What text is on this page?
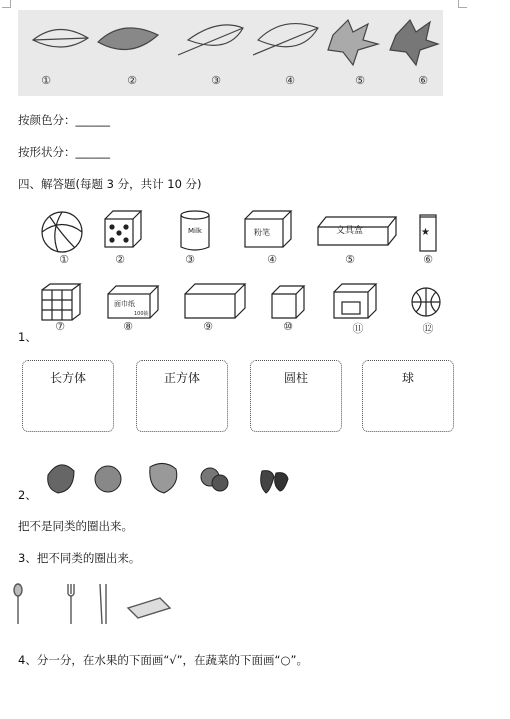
①	②	③	④	⑤	⑥
按颜色分：______
按形状分：______
四、解答题(每题 3 分，共计 10 分)
Milk	粉笔	文具盒	★
①	②	③	④	⑤	⑥
面巾纸
100抽
⑦	⑧	⑨	⑩	⑪	⑫
1、
长方体	正方体	圆柱	球
2、
把不是同类的圈出来。
3、把不同类的圈出来。
4、分一分，在水果的下面画“√”，在蔬菜的下面画“○”。
